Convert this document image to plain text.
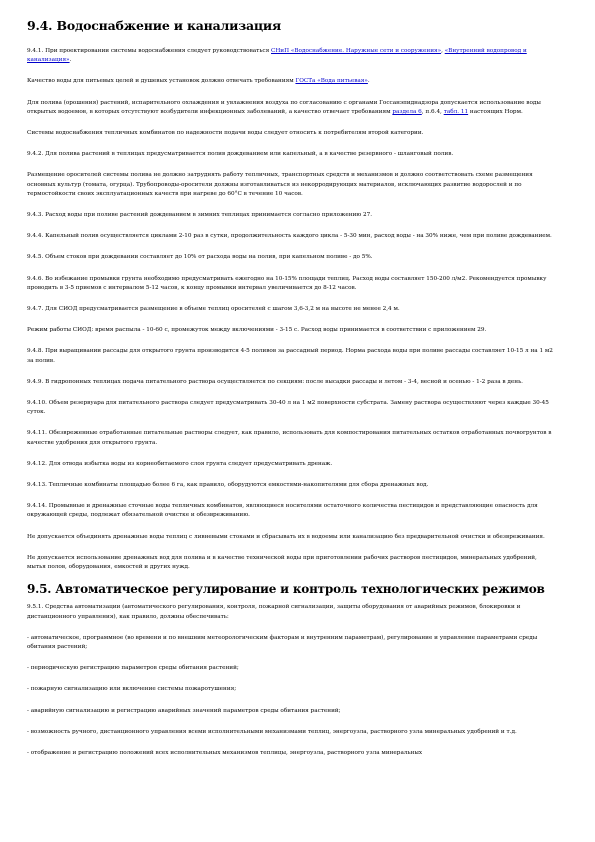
9.4. Водоснабжение и канализация

9.4.1. При проектировании системы водоснабжения следует руководствоваться СНиП «Водоснабжение. Наружные сети и сооружения», «Внутренний водопровод и канализация».

Качество воды для питьевых целей и душевых установок должно отвечать требованиям ГОСТа «Вода питьевая».

Для полива (орошения) растений, испарительного охлаждения и увлажнения воздуха по согласованию с органами Госсанэпиднадзора допускается использование воды открытых водоемов, в которых отсутствуют возбудители инфекционных заболеваний, а качество отвечает требованиям раздела 6, п.6.4, табл. 11 настоящих Норм.

Системы водоснабжения тепличных комбинатов по надежности подачи воды следует относить к потребителям второй категории.

9.4.2. Для полива растений в теплицах предусматривается полив дождеванием или капельный, а в качестве резервного - шланговый полив.

Размещение оросителей системы полива не должно затруднять работу тепличных, транспортных средств и механизмов и должно соответствовать схеме размещения основных культур (томата, огурца). Трубопроводы-оросители должны изготавливаться из некорродирующих материалов, исключающих развитие водорослей и по термостойкости своих эксплуатационных качеств при нагреве до 60°С в течение 10 часов.

9.4.3. Расход воды при поливе растений дождеванием в зимних теплицах принимается согласно приложению 27.

9.4.4. Капельный полив осуществляется циклами 2-10 раз в сутки, продолжительность каждого цикла - 5-30 мин, расход воды - на 30% ниже, чем при поливе дождеванием.

9.4.5. Объем стоков при дождевании составляет до 10% от расхода воды на полив, при капельном поливе - до 5%.

9.4.6. Во избежание промывки грунта необходимо предусматривать ежегодно на 10-15% площади теплиц. Расход воды составляет 150-200 л/м2. Рекомендуется промывку проводить в 3-5 приемов с интервалом 5-12 часов, к концу промывки интервал увеличивается до 8-12 часов.

9.4.7. Для СИОД предусматривается размещение в объеме теплиц оросителей с шагом 3,6-3,2 м на высоте не менее 2,4 м.

Режим работы СИОД: время распыла - 10-60 с, промежуток между включениями - 3-15 с. Расход воды принимается в соответствии с приложением 29.

9.4.8. При выращивании рассады для открытого грунта производится 4-5 поливов за рассадный период. Норма расхода воды при поливе рассады составляет 10-15 л на 1 м2 за полив.

9.4.9. В гидропонных теплицах подача питательного раствора осуществляется по секциям: после высадки рассады и летом - 3-4, весной и осенью - 1-2 раза в день.

9.4.10. Объем резервуара для питательного раствора следует предусматривать 30-40 л на 1 м2 поверхности субстрата. Замену раствора осуществляют через каждые 30-45 суток.

9.4.11. Обезвреженные отработанные питательные растворы следует, как правило, использовать для компостирования питательных остатков отработанных почвогрунтов в качестве удобрения для открытого грунта.

9.4.12. Для отвода избытка воды из корнеобитаемого слоя грунта следует предусматривать дренаж.

9.4.13. Тепличные комбинаты площадью более 6 га, как правило, оборудуются емкостями-накопителями для сбора дренажных вод.

9.4.14. Промывные и дренажные сточные воды тепличных комбинатов, являющиеся носителями остаточного количества пестицидов и представляющие опасность для окружающей среды, подлежат обязательной очистке и обезвреживанию.

Не допускается объединять дренажные воды теплиц с ливневыми стоками и сбрасывать их в водоемы или канализацию без предварительной очистки и обезвреживания.

Не допускается использование дренажных вод для полива и в качестве технической воды при приготовлении рабочих растворов пестицидов, минеральных удобрений, мытья полов, оборудования, емкостей и других нужд.

9.5. Автоматическое регулирование и контроль технологических режимов

9.5.1. Средства автоматизации (автоматического регулирования, контроля, пожарной сигнализации, защиты оборудования от аварийных режимов, блокировки и дистанционного управления), как правило, должны обеспечивать:

- автоматическое, программное (во времени и по внешним метеорологическим факторам и внутренним параметрам), регулирование и управление параметрами среды обитания растений;

- периодическую регистрацию параметров среды обитания растений;

- пожарную сигнализацию или включение системы пожаротушения;

- аварийную сигнализацию и регистрацию аварийных значений параметров среды обитания растений;

- возможность ручного, дистанционного управления всеми исполнительными механизмами теплиц, энергоузла, растворного узла минеральных удобрений и т.д.

- отображение и регистрацию положений всех исполнительных механизмов теплицы, энергоузла, растворного узла минеральных
